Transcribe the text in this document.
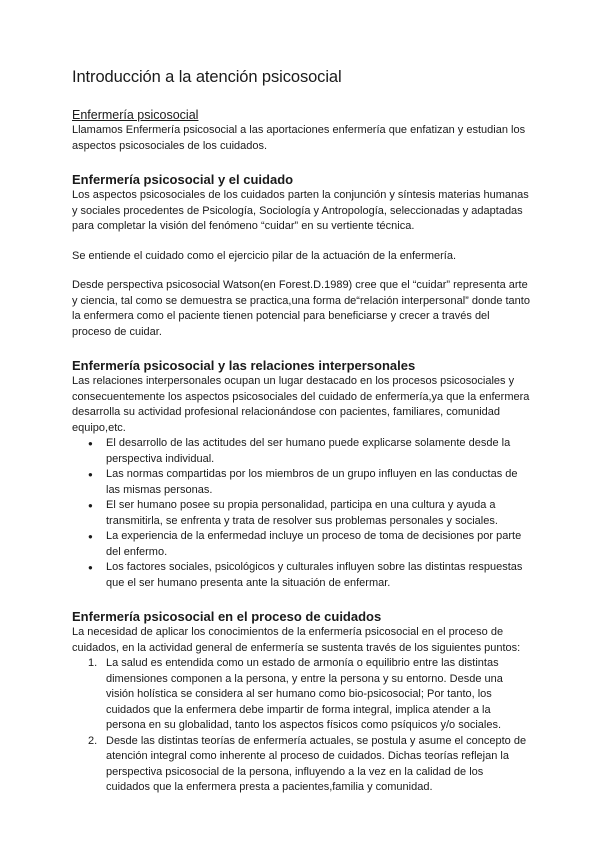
Introducción a la atención psicosocial
Enfermería psicosocial

Llamamos Enfermería psicosocial a las aportaciones enfermería que enfatizan y estudian los aspectos psicosociales de los cuidados.

Enfermería psicosocial y el cuidado

Los aspectos psicosociales de los cuidados parten la conjunción y síntesis materias humanas y sociales procedentes de Psicología, Sociología y Antropología, seleccionadas y adaptadas para completar la visión del fenómeno “cuidar” en su vertiente técnica.

Se entiende el cuidado como el ejercicio pilar de la actuación de la enfermería.

Desde perspectiva psicosocial Watson(en Forest.D.1989) cree que el “cuidar” representa arte y ciencia, tal como se demuestra se practica,una forma de“relación interpersonal” donde tanto la enfermera como el paciente tienen potencial para beneficiarse y crecer a través del proceso de cuidar.

Enfermería psicosocial y las relaciones interpersonales

Las relaciones interpersonales ocupan un lugar destacado en los procesos psicosociales y consecuentemente los aspectos psicosociales del cuidado de enfermería,ya que la enfermera desarrolla su actividad profesional relacionándose con pacientes, familiares, comunidad equipo,etc.

● El desarrollo de las actitudes del ser humano puede explicarse solamente desde la perspectiva individual.
● Las normas compartidas por los miembros de un grupo influyen en las conductas de las mismas personas.
● El ser humano posee su propia personalidad, participa en una cultura y ayuda a transmitirla, se enfrenta y trata de resolver sus problemas personales y sociales.
● La experiencia de la enfermedad incluye un proceso de toma de decisiones por parte del enfermo.
● Los factores sociales, psicológicos y culturales influyen sobre las distintas respuestas que el ser humano presenta ante la situación de enfermar.
Enfermería psicosocial en el proceso de cuidados

La necesidad de aplicar los conocimientos de la enfermería psicosocial en el proceso de cuidados, en la actividad general de enfermería se sustenta través de los siguientes puntos:

1. La salud es entendida como un estado de armonía o equilibrio entre las distintas dimensiones componen a la persona, y entre la persona y su entorno. Desde una visión holística se considera al ser humano como bio-psicosocial; Por tanto, los cuidados que la enfermera debe impartir de forma integral, implica atender a la persona en su globalidad, tanto los aspectos físicos como psíquicos y/o sociales.
2. Desde las distintas teorías de enfermería actuales, se postula y asume el concepto de atención integral como inherente al proceso de cuidados. Dichas teorías reflejan la perspectiva psicosocial de la persona, influyendo a la vez en la calidad de los cuidados que la enfermera presta a pacientes,familia y comunidad.
